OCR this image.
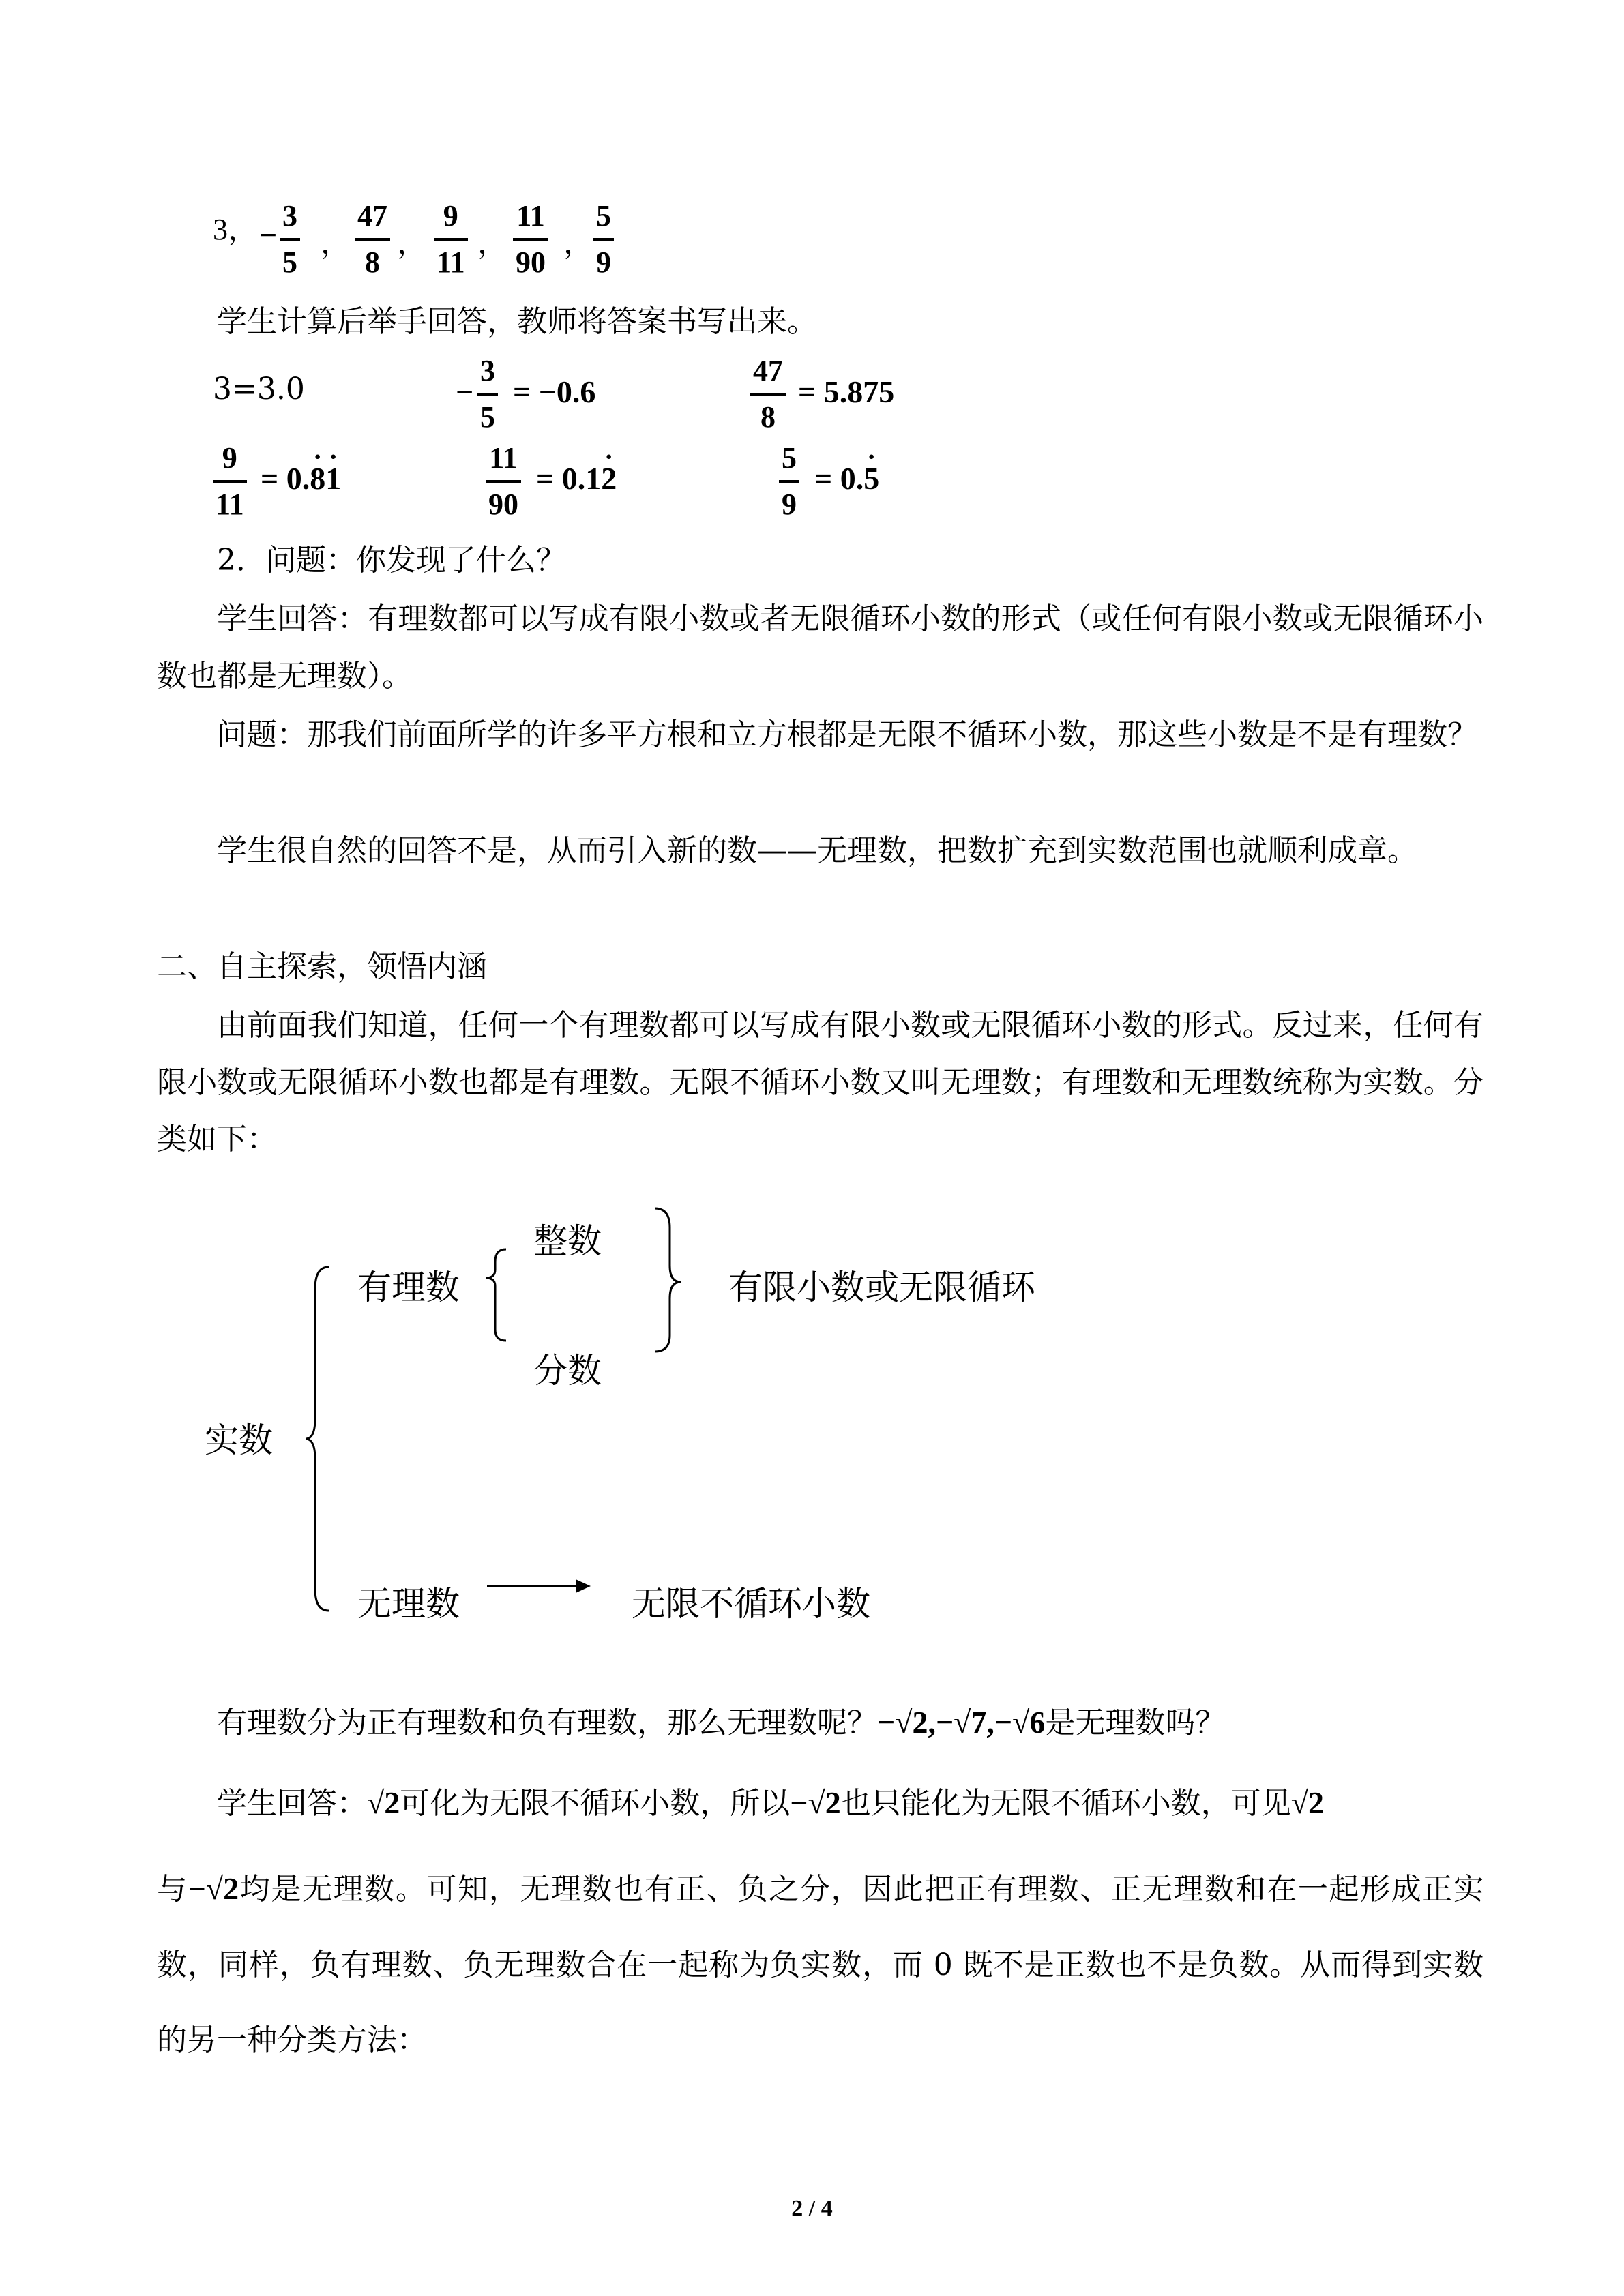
3， − $\frac{3}{5}$ ， $\frac{47}{8}$ ， $\frac{9}{11}$ ， $\frac{11}{90}$ ， $\frac{5}{9}$
学生计算后举手回答，教师将答案书写出来。
3=3.0	− $\frac{3}{5} = -0.6$	$\frac{47}{8} = 5.875$
$\frac{9}{11} = 0.8 \cdot 1$ ·	$\frac{11}{90} = 0.12$ ·	$\frac{5}{9} = 0.5$ ·
2．问题：你发现了什么？
学生回答：有理数都可以写成有限小数或者无限循环小数的形式（或任何有限小数或无限循环小数也都是无理数）。
问题：那我们前面所学的许多平方根和立方根都是无限不循环小数，那这些小数是不是有理数？
学生很自然的回答不是，从而引入新的数——无理数，把数扩充到实数范围也就顺利成章。
二、自主探索，领悟内涵
由前面我们知道，任何一个有理数都可以写成有限小数或无限循环小数的形式。反过来，任何有限小数或无限循环小数也都是有理数。无限不循环小数又叫无理数；有理数和无理数统称为实数。分类如下：
实数
有理数
整数
分数
有限小数或无限循环
无理数	无限不循环小数
有理数分为正有理数和负有理数，那么无理数呢？−√2,−√7,−√6是无理数吗？
学生回答：√2可化为无限不循环小数，所以−√2也只能化为无限不循环小数，可见√2
与−√2均是无理数。可知，无理数也有正、负之分，因此把正有理数、正无理数和在一起形成正实数，同样，负有理数、负无理数合在一起称为负实数，而 0 既不是正数也不是负数。从而得到实数的另一种分类方法：
2 / 4
